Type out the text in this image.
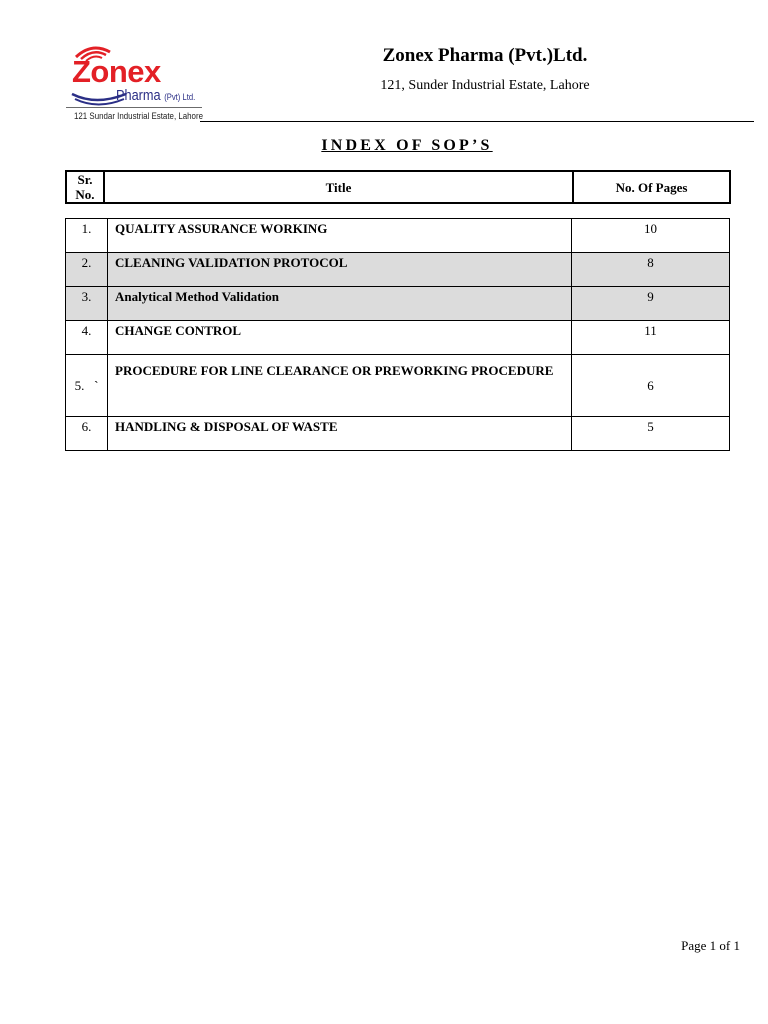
Zonex
Pharma (Pvt) Ltd.
121 Sundar Industrial Estate, Lahore
Zonex Pharma (Pvt.)Ltd.
121, Sunder Industrial Estate, Lahore
INDEX OF SOP’S
Sr.
No.	Title	No. Of Pages
1.	QUALITY ASSURANCE WORKING	10
2.	CLEANING VALIDATION PROTOCOL	8
3.	Analytical Method Validation	9
4.	CHANGE CONTROL	11
5.   `	PROCEDURE FOR LINE CLEARANCE OR PREWORKING PROCEDURE	6
6.	HANDLING & DISPOSAL OF WASTE	5
Page 1 of 1
